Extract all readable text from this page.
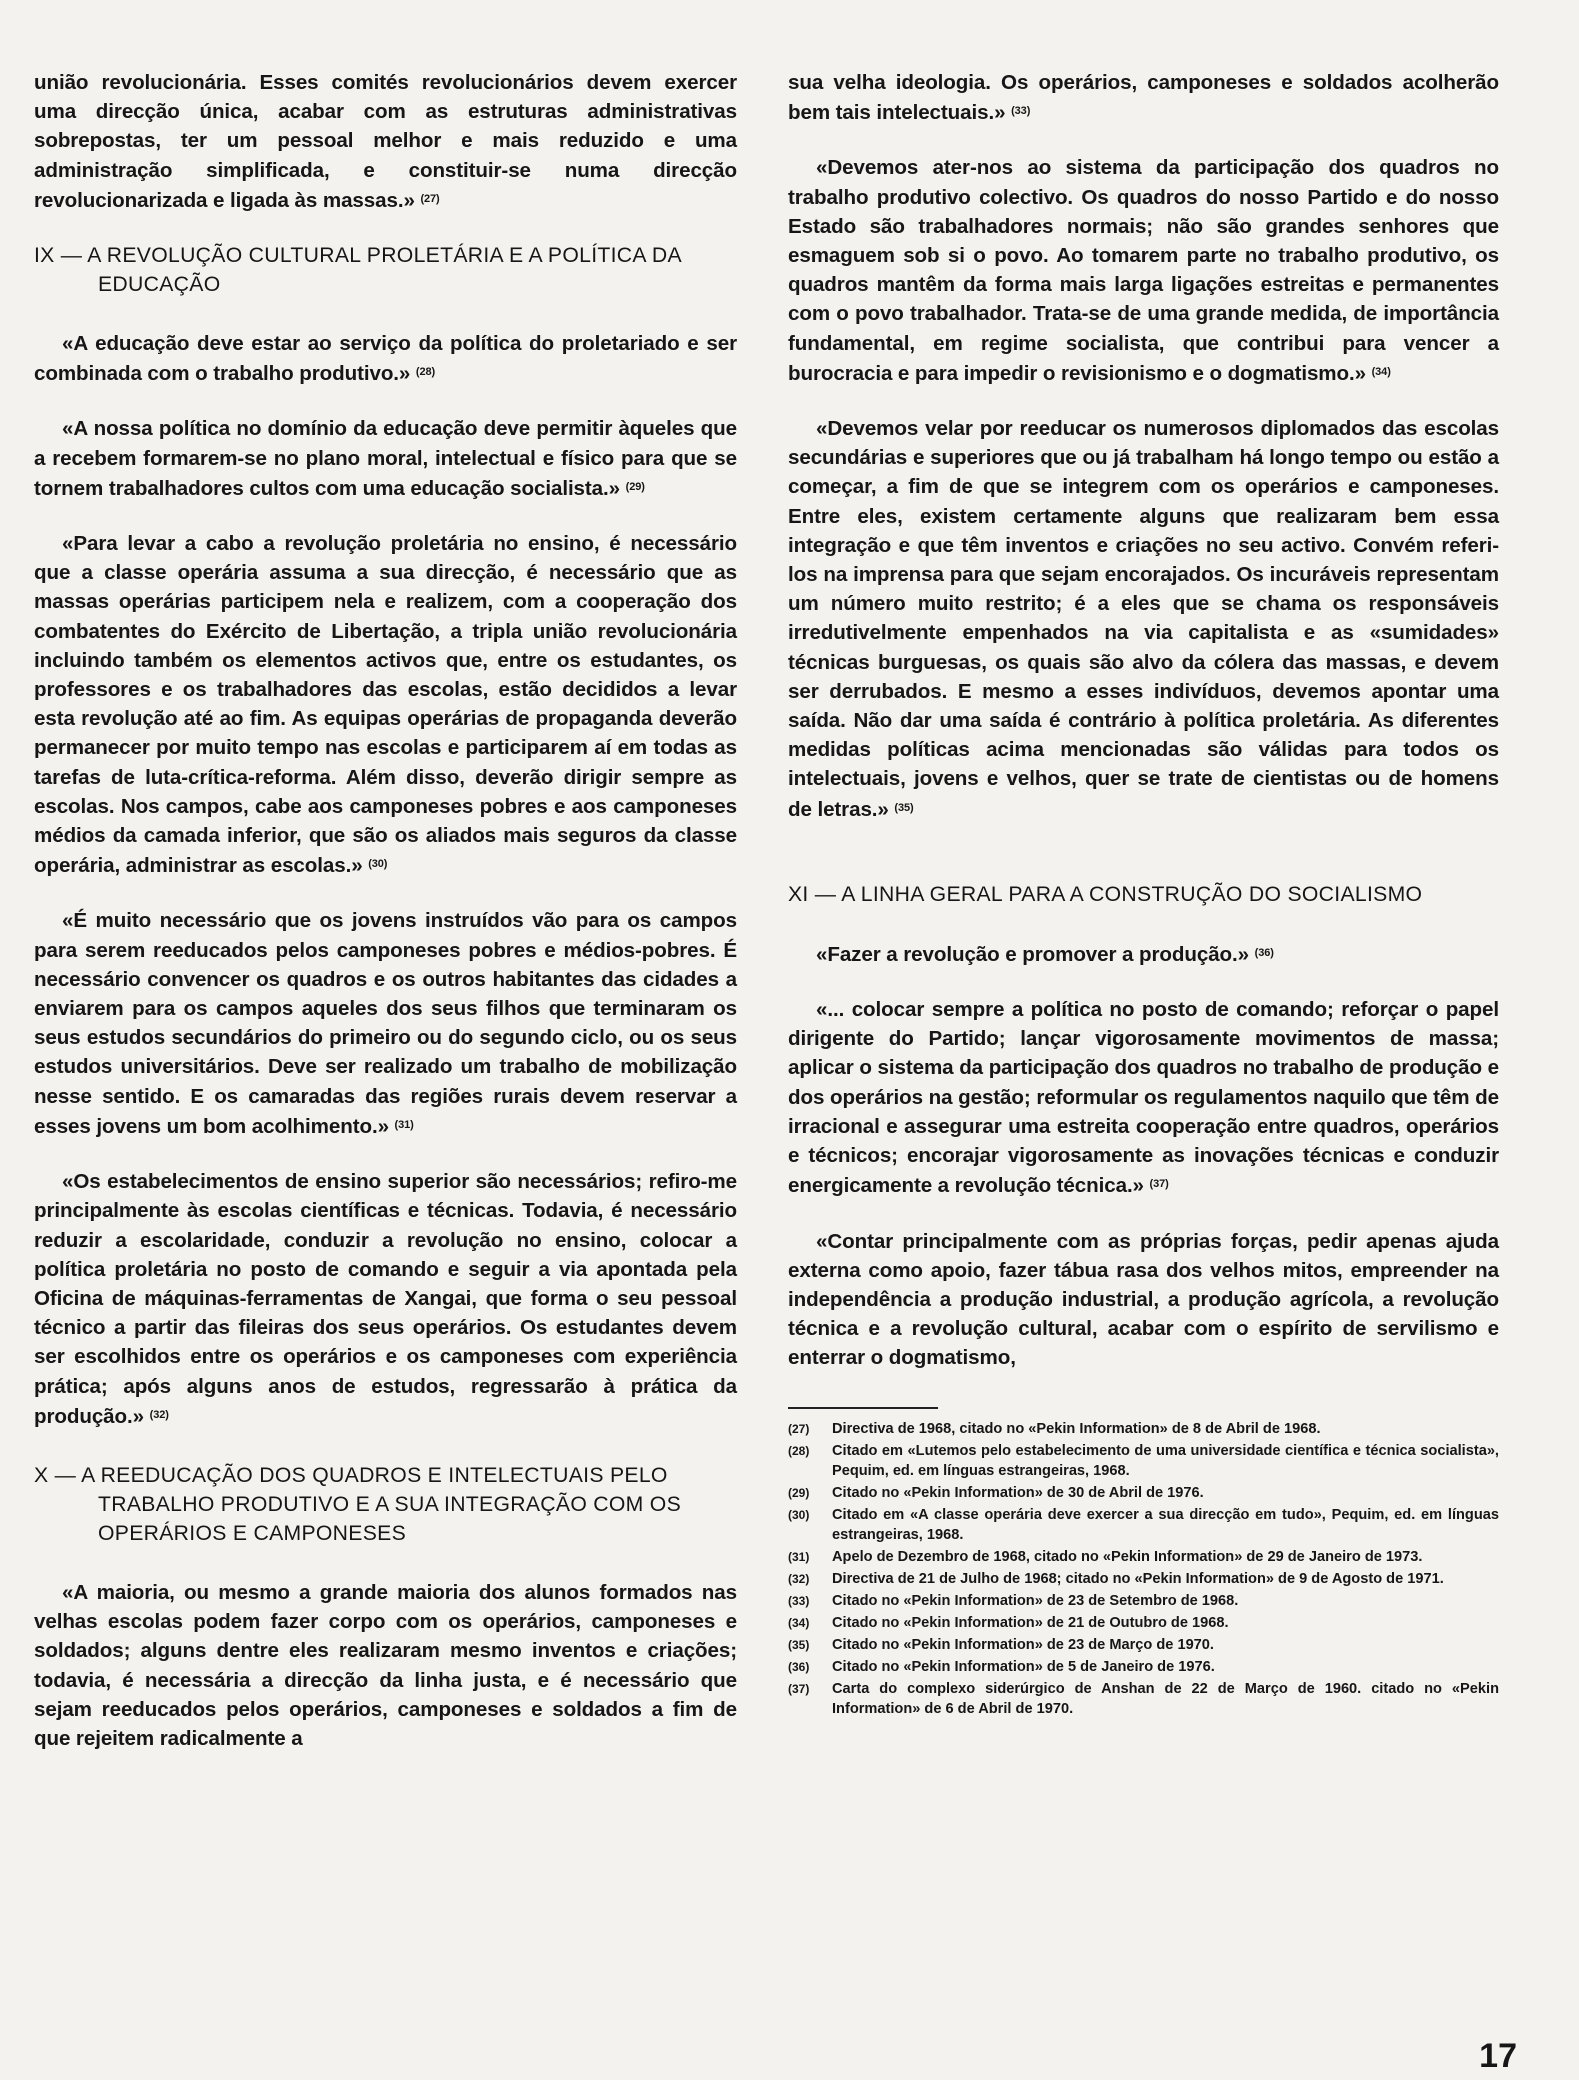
união revolucionária. Esses comités revolucionários devem exercer uma direcção única, acabar com as estruturas administrativas sobrepostas, ter um pessoal melhor e mais reduzido e uma administração simplificada, e constituir-se numa direcção revolucionarizada e ligada às massas.» $^{(27)}$

IX — A REVOLUÇÃO CULTURAL PROLETÁRIA E A POLÍTICA DA EDUCAÇÃO

«A educação deve estar ao serviço da política do proletariado e ser combinada com o trabalho produtivo.» $^{(28)}$

«A nossa política no domínio da educação deve permitir àqueles que a recebem formarem-se no plano moral, intelectual e físico para que se tornem trabalhadores cultos com uma educação socialista.» $^{(29)}$

«Para levar a cabo a revolução proletária no ensino, é necessário que a classe operária assuma a sua direcção, é necessário que as massas operárias participem nela e realizem, com a cooperação dos combatentes do Exército de Libertação, a tripla união revolucionária incluindo também os elementos activos que, entre os estudantes, os professores e os trabalhadores das escolas, estão decididos a levar esta revolução até ao fim. As equipas operárias de propaganda deverão permanecer por muito tempo nas escolas e participarem aí em todas as tarefas de luta-crítica-reforma. Além disso, deverão dirigir sempre as escolas. Nos campos, cabe aos camponeses pobres e aos camponeses médios da camada inferior, que são os aliados mais seguros da classe operária, administrar as escolas.» $^{(30)}$

«É muito necessário que os jovens instruídos vão para os campos para serem reeducados pelos camponeses pobres e médios-pobres. É necessário convencer os quadros e os outros habitantes das cidades a enviarem para os campos aqueles dos seus filhos que terminaram os seus estudos secundários do primeiro ou do segundo ciclo, ou os seus estudos universitários. Deve ser realizado um trabalho de mobilização nesse sentido. E os camaradas das regiões rurais devem reservar a esses jovens um bom acolhimento.» $^{(31)}$

«Os estabelecimentos de ensino superior são necessários; refiro-me principalmente às escolas científicas e técnicas. Todavia, é necessário reduzir a escolaridade, conduzir a revolução no ensino, colocar a política proletária no posto de comando e seguir a via apontada pela Oficina de máquinas-ferramentas de Xangai, que forma o seu pessoal técnico a partir das fileiras dos seus operários. Os estudantes devem ser escolhidos entre os operários e os camponeses com experiência prática; após alguns anos de estudos, regressarão à prática da produção.» $^{(32)}$

X — A REEDUCAÇÃO DOS QUADROS E INTELECTUAIS PELO TRABALHO PRODUTIVO E A SUA INTEGRAÇÃO COM OS OPERÁRIOS E CAMPONESES

«A maioria, ou mesmo a grande maioria dos alunos formados nas velhas escolas podem fazer corpo com os operários, camponeses e soldados; alguns dentre eles realizaram mesmo inventos e criações; todavia, é necessária a direcção da linha justa, e é necessário que sejam reeducados pelos operários, camponeses e soldados a fim de que rejeitem radicalmente a

sua velha ideologia. Os operários, camponeses e soldados acolherão bem tais intelectuais.» $^{(33)}$

«Devemos ater-nos ao sistema da participação dos quadros no trabalho produtivo colectivo. Os quadros do nosso Partido e do nosso Estado são trabalhadores normais; não são grandes senhores que esmaguem sob si o povo. Ao tomarem parte no trabalho produtivo, os quadros mantêm da forma mais larga ligações estreitas e permanentes com o povo trabalhador. Trata-se de uma grande medida, de importância fundamental, em regime socialista, que contribui para vencer a burocracia e para impedir o revisionismo e o dogmatismo.» $^{(34)}$

«Devemos velar por reeducar os numerosos diplomados das escolas secundárias e superiores que ou já trabalham há longo tempo ou estão a começar, a fim de que se integrem com os operários e camponeses. Entre eles, existem certamente alguns que realizaram bem essa integração e que têm inventos e criações no seu activo. Convém referi-los na imprensa para que sejam encorajados. Os incuráveis representam um número muito restrito; é a eles que se chama os responsáveis irredutivelmente empenhados na via capitalista e as «sumidades» técnicas burguesas, os quais são alvo da cólera das massas, e devem ser derrubados. E mesmo a esses indivíduos, devemos apontar uma saída. Não dar uma saída é contrário à política proletária. As diferentes medidas políticas acima mencionadas são válidas para todos os intelectuais, jovens e velhos, quer se trate de cientistas ou de homens de letras.» $^{(35)}$

XI — A LINHA GERAL PARA A CONSTRUÇÃO DO SOCIALISMO

«Fazer a revolução e promover a produção.» $^{(36)}$

«... colocar sempre a política no posto de comando; reforçar o papel dirigente do Partido; lançar vigorosamente movimentos de massa; aplicar o sistema da participação dos quadros no trabalho de produção e dos operários na gestão; reformular os regulamentos naquilo que têm de irracional e assegurar uma estreita cooperação entre quadros, operários e técnicos; encorajar vigorosamente as inovações técnicas e conduzir energicamente a revolução técnica.» $^{(37)}$

«Contar principalmente com as próprias forças, pedir apenas ajuda externa como apoio, fazer tábua rasa dos velhos mitos, empreender na independência a produção industrial, a produção agrícola, a revolução técnica e a revolução cultural, acabar com o espírito de servilismo e enterrar o dogmatismo,

(27)	Directiva de 1968, citado no «Pekin Information» de 8 de Abril de 1968.
(28)	Citado em «Lutemos pelo estabelecimento de uma universidade científica e técnica socialista», Pequim, ed. em línguas estrangeiras, 1968.
(29)	Citado no «Pekin Information» de 30 de Abril de 1976.
(30)	Citado em «A classe operária deve exercer a sua direcção em tudo», Pequim, ed. em línguas estrangeiras, 1968.
(31)	Apelo de Dezembro de 1968, citado no «Pekin Information» de 29 de Janeiro de 1973.
(32)	Directiva de 21 de Julho de 1968; citado no «Pekin Information» de 9 de Agosto de 1971.
(33)	Citado no «Pekin Information» de 23 de Setembro de 1968.
(34)	Citado no «Pekin Information» de 21 de Outubro de 1968.
(35)	Citado no «Pekin Information» de 23 de Março de 1970.
(36)	Citado no «Pekin Information» de 5 de Janeiro de 1976.
(37)	Carta do complexo siderúrgico de Anshan de 22 de Março de 1960. citado no «Pekin Information» de 6 de Abril de 1970.
17
